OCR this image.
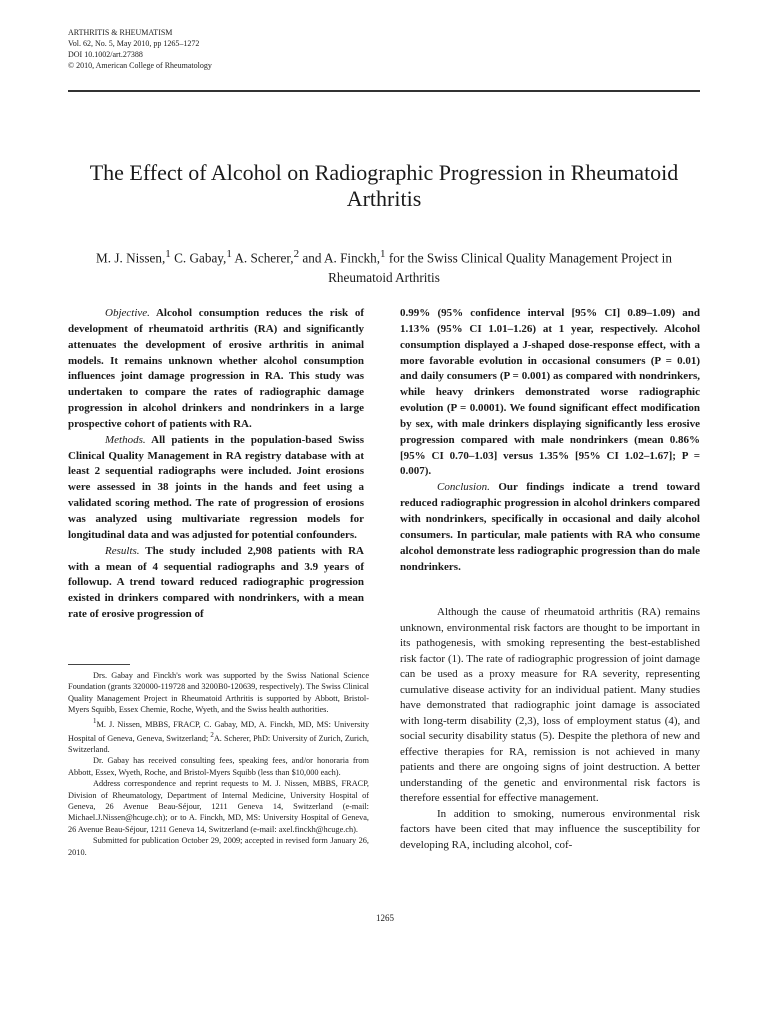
ARTHRITIS & RHEUMATISM
Vol. 62, No. 5, May 2010, pp 1265–1272
DOI 10.1002/art.27388
© 2010, American College of Rheumatology
The Effect of Alcohol on Radiographic Progression in Rheumatoid Arthritis
M. J. Nissen,$^1$ C. Gabay,$^1$ A. Scherer,$^2$ and A. Finckh,$^1$ for the Swiss Clinical Quality Management Project in Rheumatoid Arthritis

Objective. Alcohol consumption reduces the risk of development of rheumatoid arthritis (RA) and significantly attenuates the development of erosive arthritis in animal models. It remains unknown whether alcohol consumption influences joint damage progression in RA. This study was undertaken to compare the rates of radiographic damage progression in alcohol drinkers and nondrinkers in a large prospective cohort of patients with RA.

Methods. All patients in the population-based Swiss Clinical Quality Management in RA registry database with at least 2 sequential radiographs were included. Joint erosions were assessed in 38 joints in the hands and feet using a validated scoring method. The rate of progression of erosions was analyzed using multivariate regression models for longitudinal data and was adjusted for potential confounders.

Results. The study included 2,908 patients with RA with a mean of 4 sequential radiographs and 3.9 years of followup. A trend toward reduced radiographic progression existed in drinkers compared with nondrinkers, with a mean rate of erosive progression of

0.99% (95% confidence interval [95% CI] 0.89–1.09) and 1.13% (95% CI 1.01–1.26) at 1 year, respectively. Alcohol consumption displayed a J-shaped dose-response effect, with a more favorable evolution in occasional consumers (P = 0.01) and daily consumers (P = 0.001) as compared with nondrinkers, while heavy drinkers demonstrated worse radiographic evolution (P = 0.0001). We found significant effect modification by sex, with male drinkers displaying significantly less erosive progression compared with male nondrinkers (mean 0.86% [95% CI 0.70–1.03] versus 1.35% [95% CI 1.02–1.67]; P = 0.007).

Conclusion. Our findings indicate a trend toward reduced radiographic progression in alcohol drinkers compared with nondrinkers, specifically in occasional and daily alcohol consumers. In particular, male patients with RA who consume alcohol demonstrate less radiographic progression than do male nondrinkers.

Although the cause of rheumatoid arthritis (RA) remains unknown, environmental risk factors are thought to be important in its pathogenesis, with smoking representing the best-established risk factor (1). The rate of radiographic progression of joint damage can be used as a proxy measure for RA severity, representing cumulative disease activity for an individual patient. Many studies have demonstrated that radiographic joint damage is associated with long-term disability (2,3), loss of employment status (4), and social security disability status (5). Despite the plethora of new and effective therapies for RA, remission is not achieved in many patients and there are ongoing signs of joint destruction. A better understanding of the genetic and environmental risk factors is therefore essential for effective management.

In addition to smoking, numerous environmental risk factors have been cited that may influence the susceptibility for developing RA, including alcohol, cof-

Drs. Gabay and Finckh's work was supported by the Swiss National Science Foundation (grants 320000-119728 and 3200B0-120639, respectively). The Swiss Clinical Quality Management Project in Rheumatoid Arthritis is supported by Abbott, Bristol-Myers Squibb, Essex Chemie, Roche, Wyeth, and the Swiss health authorities.

$^1$M. J. Nissen, MBBS, FRACP, C. Gabay, MD, A. Finckh, MD, MS: University Hospital of Geneva, Geneva, Switzerland; $^2$A. Scherer, PhD: University of Zurich, Zurich, Switzerland.

Dr. Gabay has received consulting fees, speaking fees, and/or honoraria from Abbott, Essex, Wyeth, Roche, and Bristol-Myers Squibb (less than $10,000 each).

Address correspondence and reprint requests to M. J. Nissen, MBBS, FRACP, Division of Rheumatology, Department of Internal Medicine, University Hospital of Geneva, 26 Avenue Beau-Séjour, 1211 Geneva 14, Switzerland (e-mail: Michael.J.Nissen@hcuge.ch); or to A. Finckh, MD, MS: University Hospital of Geneva, 26 Avenue Beau-Séjour, 1211 Geneva 14, Switzerland (e-mail: axel.finckh@hcuge.ch).

Submitted for publication October 29, 2009; accepted in revised form January 26, 2010.

1265
